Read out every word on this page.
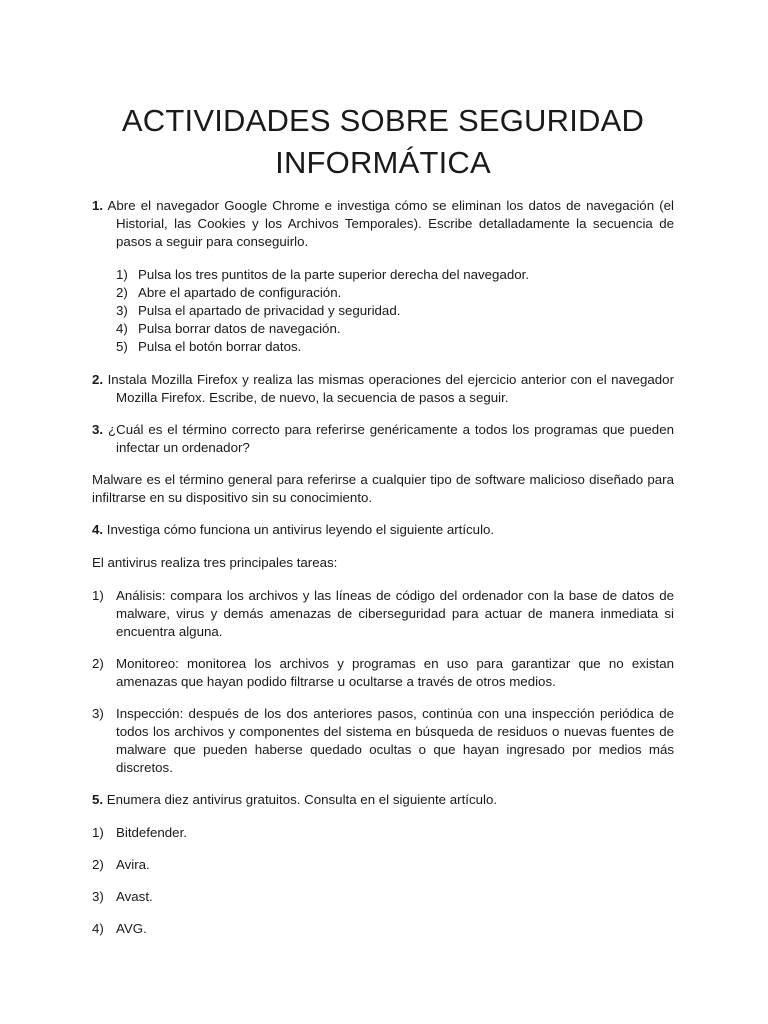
ACTIVIDADES SOBRE SEGURIDAD
INFORMÁTICA

1. Abre el navegador Google Chrome e investiga cómo se eliminan los datos de navegación (el Historial, las Cookies y los Archivos Temporales). Escribe detalladamente la secuencia de pasos a seguir para conseguirlo.

1) Pulsa los tres puntitos de la parte superior derecha del navegador.
2) Abre el apartado de configuración.
3) Pulsa el apartado de privacidad y seguridad.
4) Pulsa borrar datos de navegación.
5) Pulsa el botón borrar datos.

2. Instala Mozilla Firefox y realiza las mismas operaciones del ejercicio anterior con el navegador Mozilla Firefox. Escribe, de nuevo, la secuencia de pasos a seguir.

3. ¿Cuál es el término correcto para referirse genéricamente a todos los programas que pueden infectar un ordenador?

Malware es el término general para referirse a cualquier tipo de software malicioso diseñado para infiltrarse en su dispositivo sin su conocimiento.

4. Investiga cómo funciona un antivirus leyendo el siguiente artículo.

El antivirus realiza tres principales tareas:

1) Análisis: compara los archivos y las líneas de código del ordenador con la base de datos de malware, virus y demás amenazas de ciberseguridad para actuar de manera inmediata si encuentra alguna.
2) Monitoreo: monitorea los archivos y programas en uso para garantizar que no existan amenazas que hayan podido filtrarse u ocultarse a través de otros medios.
3) Inspección: después de los dos anteriores pasos, continúa con una inspección periódica de todos los archivos y componentes del sistema en búsqueda de residuos o nuevas fuentes de malware que pueden haberse quedado ocultas o que hayan ingresado por medios más discretos.

5. Enumera diez antivirus gratuitos. Consulta en el siguiente artículo.

1) Bitdefender.
2) Avira.
3) Avast.
4) AVG.
